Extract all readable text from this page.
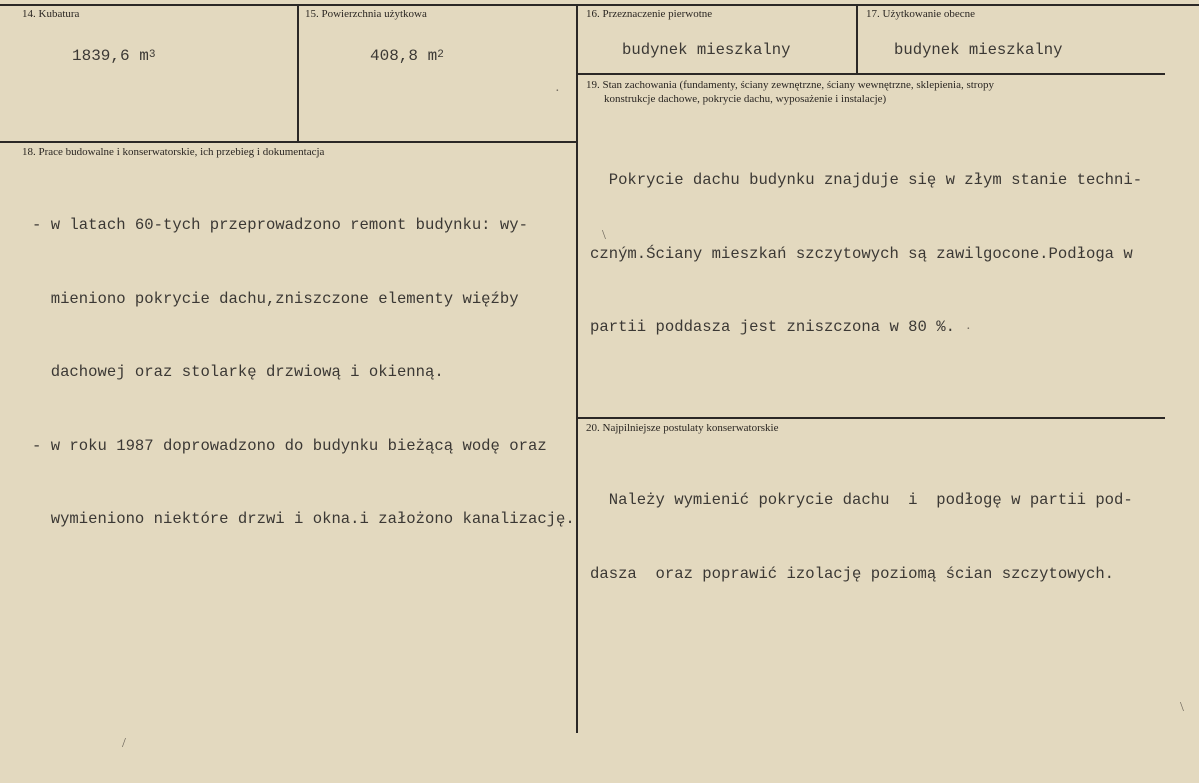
14. Kubatura
1839,6 $m^3$
15. Powierzchnia użytkowa
408,8 $m^2$
16. Przeznaczenie pierwotne
budynek mieszkalny
17. Użytkowanie obecne
budynek mieszkalny
18. Prace budowalne i konserwatorskie, ich przebieg i dokumentacja

- w latach 60-tych przeprowadzono remont budynku: wy-

mieniono pokrycie dachu,zniszczone elementy więźby

dachowej oraz stolarkę drzwiową i okienną.

- w roku 1987 doprowadzono do budynku bieżącą wodę oraz

wymieniono niektóre drzwi i okna.i założono kanalizację.

19. Stan zachowania (fundamenty, ściany zewnętrzne, ściany wewnętrzne, sklepienia, stropy
konstrukcje dachowe, pokrycie dachu, wyposażenie i instalacje)

Pokrycie dachu budynku znajduje się w złym stanie techni-

czným.Ściany mieszkań szczytowych są zawilgocone.Podłoga w

partii poddasza jest zniszczona w 80 %.

20. Najpilniejsze postulaty konserwatorskie

Należy wymienić pokrycie dachu  i  podłogę w partii pod-

dasza  oraz poprawić izolację poziomą ścian szczytowych.

\
/
\
·
·
